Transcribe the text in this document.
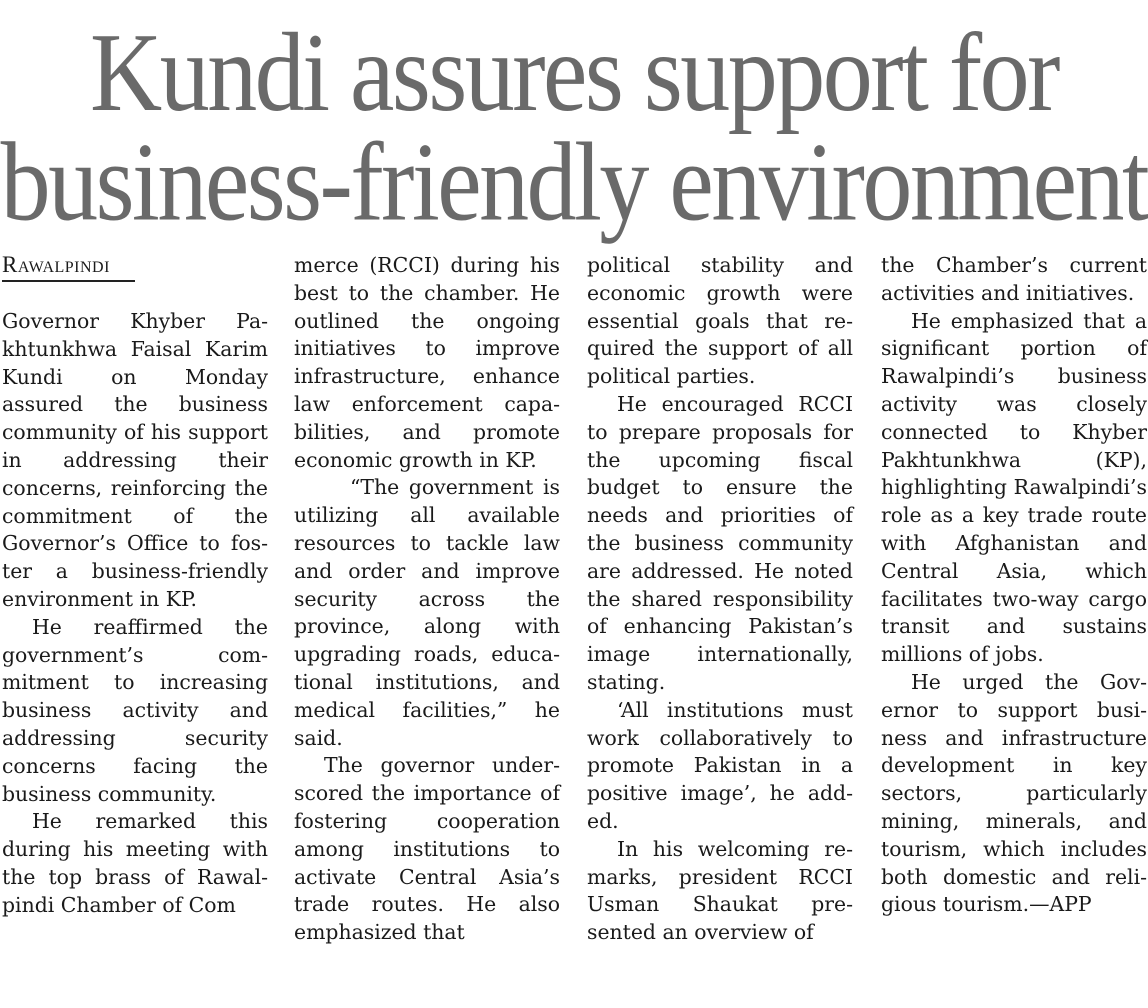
Kundi assures support for
business-friendly environment
Rawalpindi

Governor Khyber Pakhtunkhwa Faisal Karim Kundi on Monday assured the business community of his support in addressing their concerns, reinforcing the commitment of the Governor’s Office to foster a business-friendly environment in KP.

He reaffirmed the government’s commitment to increasing business activity and addressing security concerns facing the business community.

He remarked this during his meeting with the top brass of Rawalpindi Chamber of Com

merce (RCCI) during his best to the chamber. He outlined the ongoing initiatives to improve infrastructure, enhance law enforcement capabilities, and promote economic growth in KP.

“The government is utilizing all available resources to tackle law and order and improve security across the province, along with upgrading roads, educational institutions, and medical facilities,” he said.

The governor underscored the importance of fostering cooperation among institutions to activate Central Asia’s trade routes. He also emphasized that

political stability and economic growth were essential goals that required the support of all political parties.

He encouraged RCCI to prepare proposals for the upcoming fiscal budget to ensure the needs and priorities of the business community are addressed. He noted the shared responsibility of enhancing Pakistan’s image internationally, stating.

‘All institutions must work collaboratively to promote Pakistan in a positive image’, he added.

In his welcoming remarks, president RCCI Usman Shaukat presented an overview of

the Chamber’s current activities and initiatives.

He emphasized that a significant portion of Rawalpindi’s business activity was closely connected to Khyber Pakhtunkhwa (KP), highlighting Rawalpindi’s role as a key trade route with Afghanistan and Central Asia, which facilitates two-way cargo transit and sustains millions of jobs.

He urged the Governor to support business and infrastructure development in key sectors, particularly mining, minerals, and tourism, which includes both domestic and religious tourism.—APP
